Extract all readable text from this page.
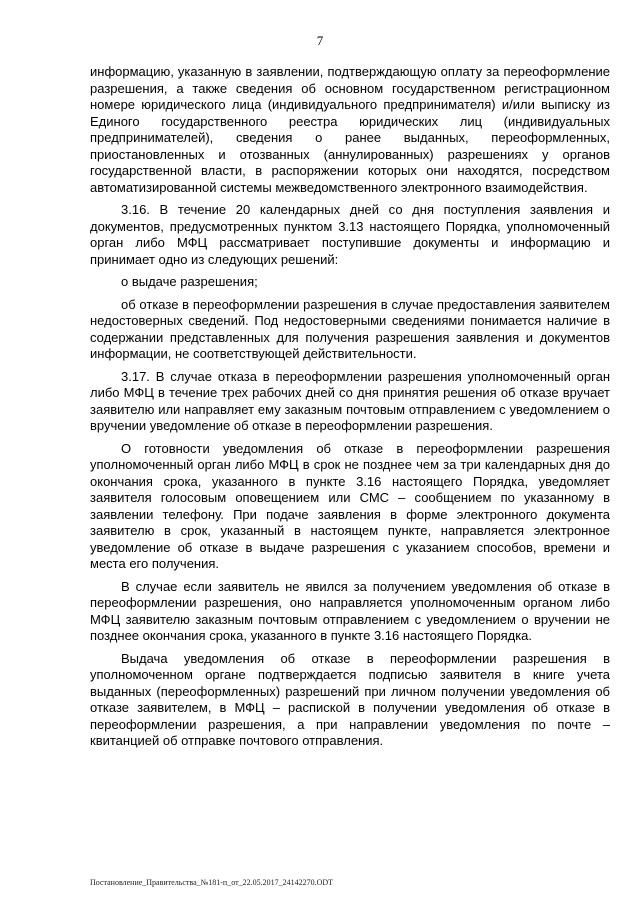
7

информацию, указанную в заявлении, подтверждающую оплату за переоформление разрешения, а также сведения об основном государственном регистрационном номере юридического лица (индивидуального предпринимателя) и/или выписку из Единого государственного реестра юридических лиц (индивидуальных предпринимателей), сведения о ранее выданных, переоформленных, приостановленных и отозванных (аннулированных) разрешениях у органов государственной власти, в распоряжении которых они находятся, посредством автоматизированной системы межведомственного электронного взаимодействия.

3.16. В течение 20 календарных дней со дня поступления заявления и документов, предусмотренных пунктом 3.13 настоящего Порядка, уполномоченный орган либо МФЦ рассматривает поступившие документы и информацию и принимает одно из следующих решений:

о выдаче разрешения;

об отказе в переоформлении разрешения в случае предоставления заявителем недостоверных сведений. Под недостоверными сведениями понимается наличие в содержании представленных для получения разрешения заявления и документов информации, не соответствующей действительности.

3.17. В случае отказа в переоформлении разрешения уполномоченный орган либо МФЦ в течение трех рабочих дней со дня принятия решения об отказе вручает заявителю или направляет ему заказным почтовым отправлением с уведомлением о вручении уведомление об отказе в переоформлении разрешения.

О готовности уведомления об отказе в переоформлении разрешения уполномоченный орган либо МФЦ в срок не позднее чем за три календарных дня до окончания срока, указанного в пункте 3.16 настоящего Порядка, уведомляет заявителя голосовым оповещением или СМС – сообщением по указанному в заявлении телефону. При подаче заявления в форме электронного документа заявителю в срок, указанный в настоящем пункте, направляется электронное уведомление об отказе в выдаче разрешения с указанием способов, времени и места его получения.

В случае если заявитель не явился за получением уведомления об отказе в переоформлении разрешения, оно направляется уполномоченным органом либо МФЦ заявителю заказным почтовым отправлением с уведомлением о вручении не позднее окончания срока, указанного в пункте 3.16 настоящего Порядка.

Выдача уведомления об отказе в переоформлении разрешения в уполномоченном органе подтверждается подписью заявителя в книге учета выданных (переоформленных) разрешений при личном получении уведомления об отказе заявителем, в МФЦ – распиской в получении уведомления об отказе в переоформлении разрешения, а при направлении уведомления по почте – квитанцией об отправке почтового отправления.

Постановление_Правительства_№181-п_от_22.05.2017_24142270.ODT
